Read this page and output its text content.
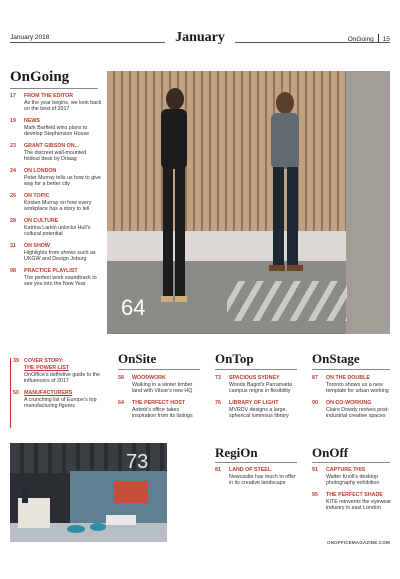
January 2018	January	OnGoing 15
OnGoing
17 FROM THE EDITOR
As the year begins, we look back on the best of 2017
19 NEWS
Mark Barfield wins plans to develop Stephenson House
23 GRANT GIBSON ON...
The discreet wall-mounted foldout desk by Driaag
24 ON LONDON
Peter Murray tells us how to give way for a better city
26 ON TOPIC
Kirsten Murray on how every workplace has a story to tell
28 ON CULTURE
Katrina Larkin unlocks Hull's cultural potential
31 ON SHOW
Highlights from shows such as UKGW and Design Joburg
98 PRACTICE PLAYLIST
The perfect work soundtrack to see you into the New Year
64
39 COVER STORY:
THE POWER LIST
OnOffice's definitive guide to the influencers of 2017
50 MANUFACTURERS
A crunching list of Europe's top manufacturing figures
OnSite
58 WOODWORK
Walking in a winter timber land with Vitsœ's new HQ
64 THE PERFECT HOST
Airbnb's office takes inspiration from its listings
OnTop
73 SPACIOUS SYDNEY
Woods Bagot's Parramatta campus reigns in flexibility
76 LIBRARY OF LIGHT
MVRDV designs a large, spherical luminous library
OnStage
87 ON THE DOUBLE
Toronto shows us a new template for urban working
90 ON CO-WORKING
Claire Dowdy revives post-industrial creative spaces
RegiOn
81 LAND OF STEEL
Newcastle has much to offer in its creative landscape
OnOff
91 CAPTURE THIS
Walter Knoll's desktop photography exhibition
95 THE PERFECT SHADE
KITE reinvents the eyewear industry in east London
73
ONOFFICEMAGAZINE.COM
